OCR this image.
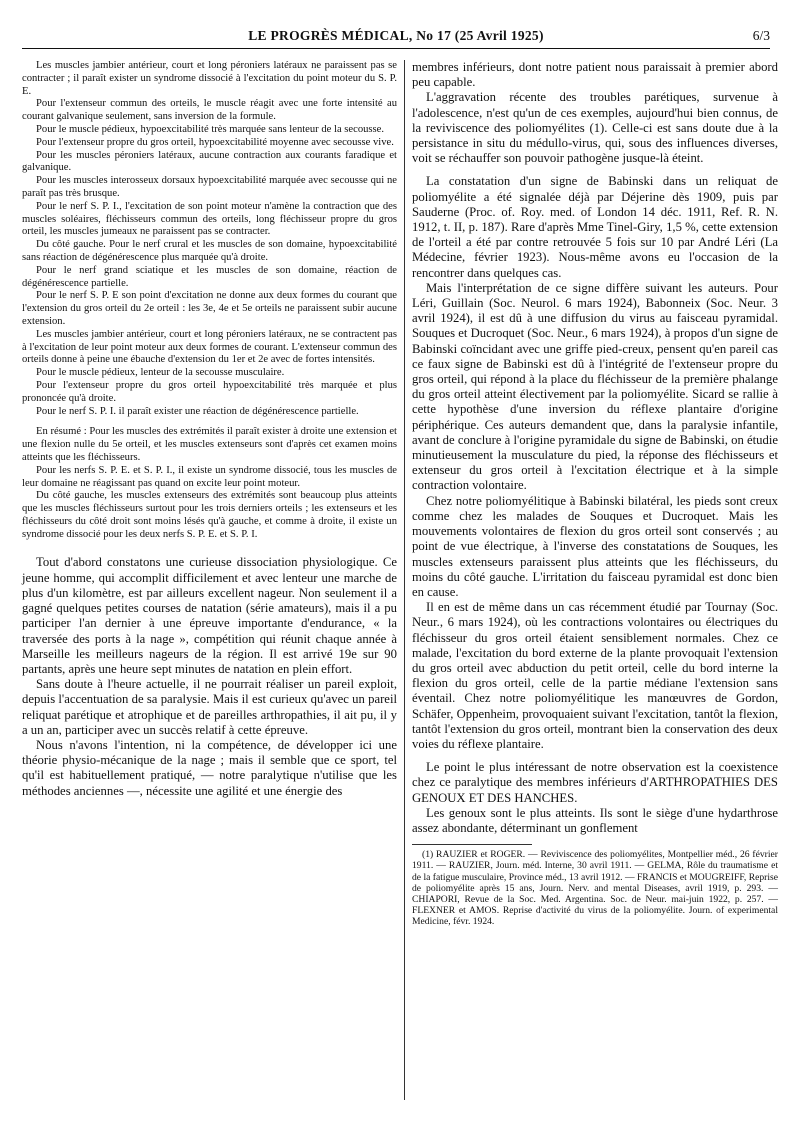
LE PROGRÈS MÉDICAL, No 17 (25 Avril 1925)	6/3

Les muscles jambier antérieur, court et long péroniers latéraux ne paraissent pas se contracter ; il paraît exister un syndrome dissocié à l'excitation du point moteur du S. P. E.

Pour l'extenseur commun des orteils, le muscle réagit avec une forte intensité au courant galvanique seulement, sans inversion de la formule.

Pour le muscle pédieux, hypoexcitabilité très marquée sans lenteur de la secousse.

Pour l'extenseur propre du gros orteil, hypoexcitabilité moyenne avec secousse vive.

Pour les muscles péroniers latéraux, aucune contraction aux courants faradique et galvanique.

Pour les muscles interosseux dorsaux hypoexcitabilité marquée avec secousse qui ne paraît pas très brusque.

Pour le nerf S. P. I., l'excitation de son point moteur n'amène la contraction que des muscles soléaires, fléchisseurs commun des orteils, long fléchisseur propre du gros orteil, les muscles jumeaux ne paraissent pas se contracter.

Du côté gauche. Pour le nerf crural et les muscles de son domaine, hypoexcitabilité sans réaction de dégénérescence plus marquée qu'à droite.

Pour le nerf grand sciatique et les muscles de son domaine, réaction de dégénérescence partielle.

Pour le nerf S. P. E son point d'excitation ne donne aux deux formes du courant que l'extension du gros orteil du 2e orteil : les 3e, 4e et 5e orteils ne paraissent subir aucune extension.

Les muscles jambier antérieur, court et long péroniers latéraux, ne se contractent pas à l'excitation de leur point moteur aux deux formes de courant. L'extenseur commun des orteils donne à peine une ébauche d'extension du 1er et 2e avec de fortes intensités.

Pour le muscle pédieux, lenteur de la secousse musculaire.

Pour l'extenseur propre du gros orteil hypoexcitabilité très marquée et plus prononcée qu'à droite.

Pour le nerf S. P. I. il paraît exister une réaction de dégénérescence partielle.

En résumé : Pour les muscles des extrémités il paraît exister à droite une extension et une flexion nulle du 5e orteil, et les muscles extenseurs sont d'après cet examen moins atteints que les fléchisseurs.

Pour les nerfs S. P. E. et S. P. I., il existe un syndrome dissocié, tous les muscles de leur domaine ne réagissant pas quand on excite leur point moteur.

Du côté gauche, les muscles extenseurs des extrémités sont beaucoup plus atteints que les muscles fléchisseurs surtout pour les trois derniers orteils ; les extenseurs et les fléchisseurs du côté droit sont moins lésés qu'à gauche, et comme à droite, il existe un syndrome dissocié pour les deux nerfs S. P. E. et S. P. I.

Tout d'abord constatons une curieuse dissociation physiologique. Ce jeune homme, qui accomplit difficilement et avec lenteur une marche de plus d'un kilomètre, est par ailleurs excellent nageur. Non seulement il a gagné quelques petites courses de natation (série amateurs), mais il a pu participer l'an dernier à une épreuve importante d'endurance, « la traversée des ports à la nage », compétition qui réunit chaque année à Marseille les meilleurs nageurs de la région. Il est arrivé 19e sur 90 partants, après une heure sept minutes de natation en plein effort.

Sans doute à l'heure actuelle, il ne pourrait réaliser un pareil exploit, depuis l'accentuation de sa paralysie. Mais il est curieux qu'avec un pareil reliquat parétique et atrophique et de pareilles arthropathies, il ait pu, il y a un an, participer avec un succès relatif à cette épreuve.

Nous n'avons l'intention, ni la compétence, de développer ici une théorie physio-mécanique de la nage ; mais il semble que ce sport, tel qu'il est habituellement pratiqué, — notre paralytique n'utilise que les méthodes anciennes —, nécessite une agilité et une énergie des

membres inférieurs, dont notre patient nous paraissait à premier abord peu capable.

L'aggravation récente des troubles parétiques, survenue à l'adolescence, n'est qu'un de ces exemples, aujourd'hui bien connus, de la reviviscence des poliomyélites (1). Celle-ci est sans doute due à la persistance in situ du médullo-virus, qui, sous des influences diverses, voit se réchauffer son pouvoir pathogène jusque-là éteint.

La constatation d'un signe de Babinski dans un reliquat de poliomyélite a été signalée déjà par Déjerine dès 1909, puis par Sauderne (Proc. of. Roy. med. of London 14 déc. 1911, Ref. R. N. 1912, t. II, p. 187). Rare d'après Mme Tinel-Giry, 1,5 %, cette extension de l'orteil a été par contre retrouvée 5 fois sur 10 par André Léri (La Médecine, février 1923). Nous-même avons eu l'occasion de la rencontrer dans quelques cas.

Mais l'interprétation de ce signe diffère suivant les auteurs. Pour Léri, Guillain (Soc. Neurol. 6 mars 1924), Babonneix (Soc. Neur. 3 avril 1924), il est dû à une diffusion du virus au faisceau pyramidal. Souques et Ducroquet (Soc. Neur., 6 mars 1924), à propos d'un signe de Babinski coïncidant avec une griffe pied-creux, pensent qu'en pareil cas ce faux signe de Babinski est dû à l'intégrité de l'extenseur propre du gros orteil, qui répond à la place du fléchisseur de la première phalange du gros orteil atteint électivement par la poliomyélite. Sicard se rallie à cette hypothèse d'une inversion du réflexe plantaire d'origine périphérique. Ces auteurs demandent que, dans la paralysie infantile, avant de conclure à l'origine pyramidale du signe de Babinski, on étudie minutieusement la musculature du pied, la réponse des fléchisseurs et extenseur du gros orteil à l'excitation électrique et à la simple contraction volontaire.

Chez notre poliomyélitique à Babinski bilatéral, les pieds sont creux comme chez les malades de Souques et Ducroquet. Mais les mouvements volontaires de flexion du gros orteil sont conservés ; au point de vue électrique, à l'inverse des constatations de Souques, les muscles extenseurs paraissent plus atteints que les fléchisseurs, du moins du côté gauche. L'irritation du faisceau pyramidal est donc bien en cause.

Il en est de même dans un cas récemment étudié par Tournay (Soc. Neur., 6 mars 1924), où les contractions volontaires ou électriques du fléchisseur du gros orteil étaient sensiblement normales. Chez ce malade, l'excitation du bord externe de la plante provoquait l'extension du gros orteil avec abduction du petit orteil, celle du bord interne la flexion du gros orteil, celle de la partie médiane l'extension sans éventail. Chez notre poliomyélitique les manœuvres de Gordon, Schäfer, Oppenheim, provoquaient suivant l'excitation, tantôt la flexion, tantôt l'extension du gros orteil, montrant bien la conservation des deux voies du réflexe plantaire.

Le point le plus intéressant de notre observation est la coexistence chez ce paralytique des membres inférieurs d'ARTHROPATHIES DES GENOUX ET DES HANCHES.

Les genoux sont le plus atteints. Ils sont le siège d'une hydarthrose assez abondante, déterminant un gonflement

(1) RAUZIER et ROGER. — Reviviscence des poliomyélites, Montpellier méd., 26 février 1911. — RAUZIER, Journ. méd. Interne, 30 avril 1911. — GELMA, Rôle du traumatisme et de la fatigue musculaire, Province méd., 13 avril 1912. — FRANCIS et MOUGREIFF, Reprise de poliomyélite après 15 ans, Journ. Nerv. and mental Diseases, avril 1919, p. 293. — CHIAPORI, Revue de la Soc. Med. Argentina. Soc. de Neur. mai-juin 1922, p. 257. — FLEXNER et AMOS. Reprise d'activité du virus de la poliomyélite. Journ. of experimental Medicine, févr. 1924.
